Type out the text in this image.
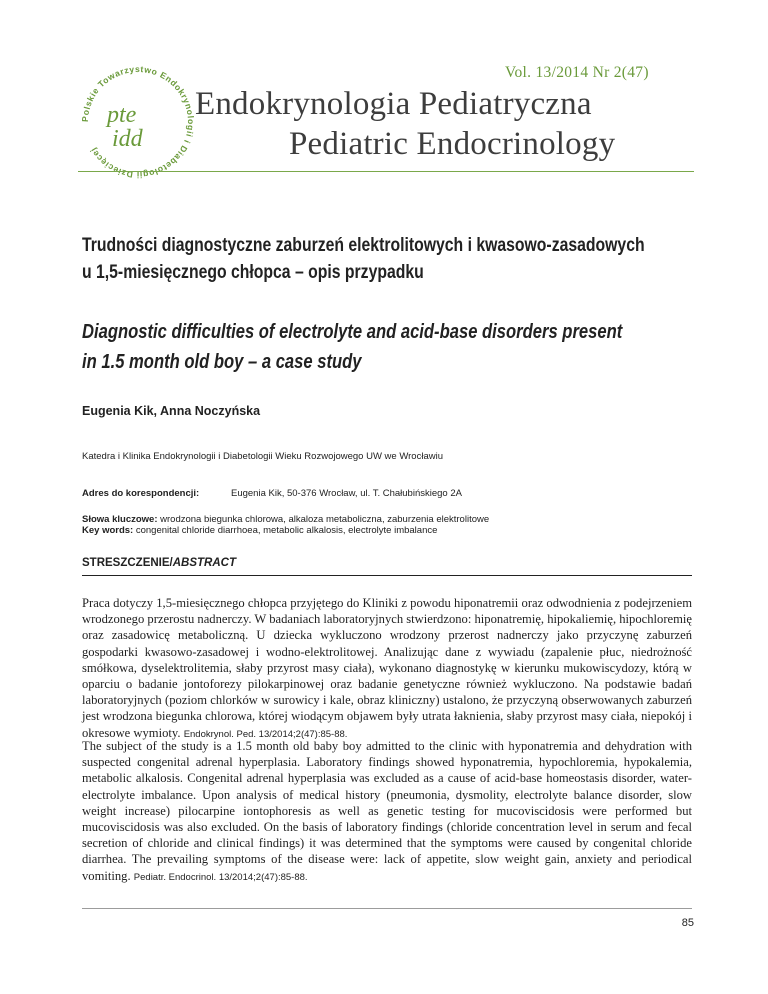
Vol. 13/2014 Nr 2(47)
Polskie Towarzystwo Endokrynologii i Diabetologii Dziecięcej
pte
idd
Endokrynologia Pediatryczna
Pediatric Endocrinology
Trudności diagnostyczne zaburzeń elektrolitowych i kwasowo-zasadowych
u 1,5-miesięcznego chłopca – opis przypadku
Diagnostic difficulties of electrolyte and acid-base disorders present
in 1.5 month old boy – a case study
Eugenia Kik, Anna Noczyńska
Katedra i Klinika Endokrynologii i Diabetologii Wieku Rozwojowego UW we Wrocławiu
Adres do korespondencji:	Eugenia Kik, 50-376 Wrocław, ul. T. Chałubińskiego 2A
Słowa kluczowe: wrodzona biegunka chlorowa, alkaloza metaboliczna, zaburzenia elektrolitowe
Key words: congenital chloride diarrhoea, metabolic alkalosis, electrolyte imbalance
STRESZCZENIE/ABSTRACT
Praca dotyczy 1,5-miesięcznego chłopca przyjętego do Kliniki z powodu hiponatremii oraz odwodnienia z podejrzeniem wrodzonego przerostu nadnerczy. W badaniach laboratoryjnych stwierdzono: hiponatremię, hipokaliemię, hipochloremię oraz zasadowicę metaboliczną. U dziecka wykluczono wrodzony przerost nadnerczy jako przyczynę zaburzeń gospodarki kwasowo-zasadowej i wodno-elektrolitowej. Analizując dane z wywiadu (zapalenie płuc, niedrożność smółkowa, dyselektrolitemia, słaby przyrost masy ciała), wykonano diagnostykę w kierunku mukowiscydozy, którą w oparciu o badanie jontoforezy pilokarpinowej oraz badanie genetyczne również wykluczono. Na podstawie badań laboratoryjnych (poziom chlorków w surowicy i kale, obraz kliniczny) ustalono, że przyczyną obserwowanych zaburzeń jest wrodzona biegunka chlorowa, której wiodącym objawem były utrata łaknienia, słaby przyrost masy ciała, niepokój i okresowe wymioty. Endokrynol. Ped. 13/2014;2(47):85-88.
The subject of the study is a 1.5 month old baby boy admitted to the clinic with hyponatremia and dehydration with suspected congenital adrenal hyperplasia. Laboratory findings showed hyponatremia, hypochloremia, hypokalemia, metabolic alkalosis. Congenital adrenal hyperplasia was excluded as a cause of acid-base homeostasis disorder, water- electrolyte imbalance. Upon analysis of medical history (pneumonia, dysmolity, electrolyte balance disorder, slow weight increase) pilocarpine iontophoresis as well as genetic testing for mucoviscidosis were performed but mucoviscidosis was also excluded. On the basis of laboratory findings (chloride concentration level in serum and fecal secretion of chloride and clinical findings) it was determined that the symptoms were caused by congenital chloride diarrhea. The prevailing symptoms of the disease were: lack of appetite, slow weight gain, anxiety and periodical vomiting. Pediatr. Endocrinol. 13/2014;2(47):85-88.
85
